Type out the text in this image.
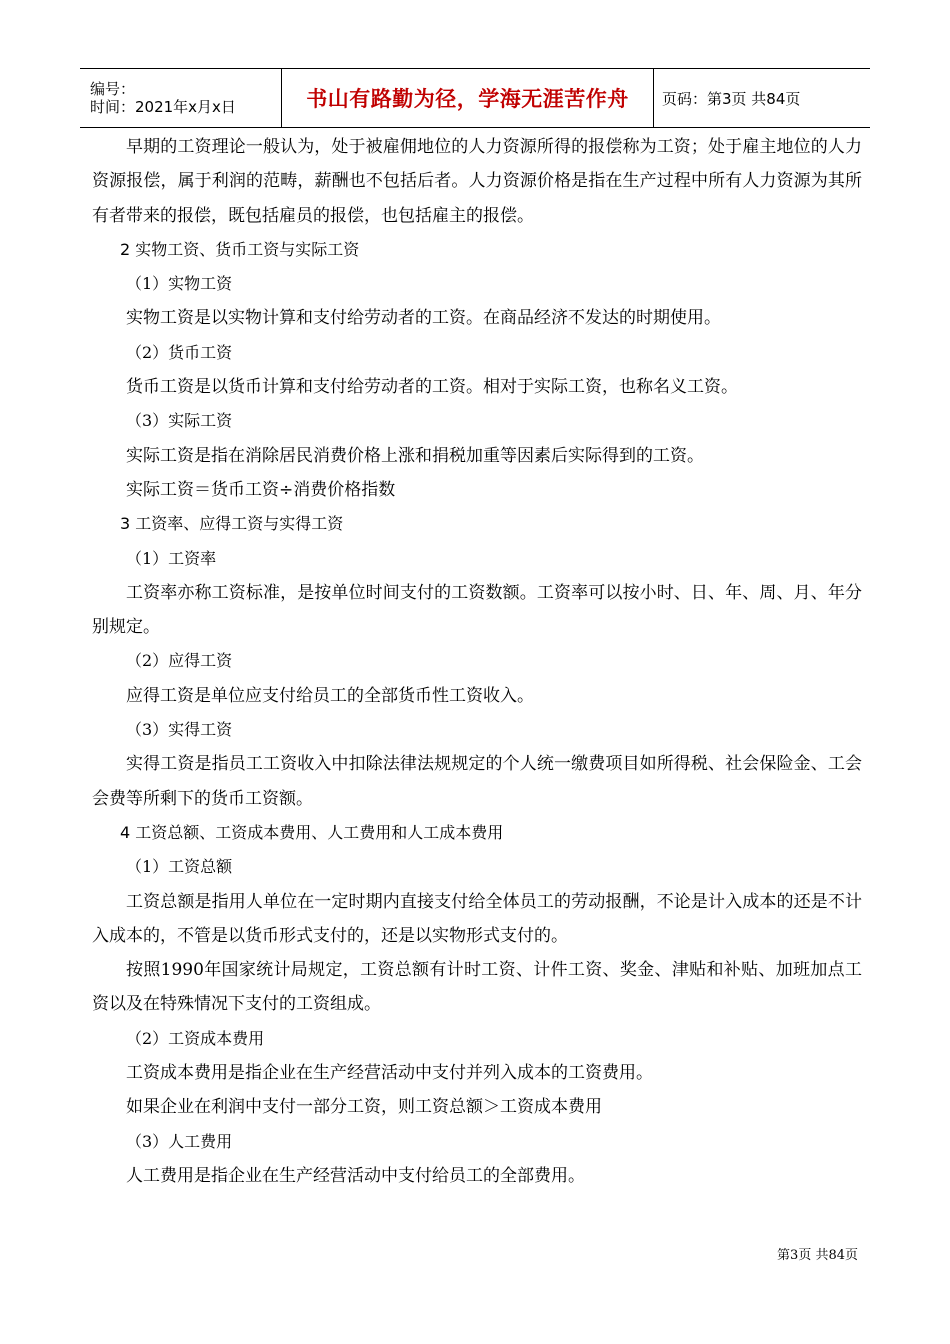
编号：
时间：2021年x月x日	书山有路勤为径，学海无涯苦作舟 页码：第3页 共84页
早期的工资理论一般认为，处于被雇佣地位的人力资源所得的报偿称为工资；处于雇主地位的人力资源报偿，属于利润的范畴，薪酬也不包括后者。人力资源价格是指在生产过程中所有人力资源为其所有者带来的报偿，既包括雇员的报偿，也包括雇主的报偿。
2 实物工资、货币工资与实际工资
（1）实物工资
实物工资是以实物计算和支付给劳动者的工资。在商品经济不发达的时期使用。
（2）货币工资
货币工资是以货币计算和支付给劳动者的工资。相对于实际工资，也称名义工资。
（3）实际工资
实际工资是指在消除居民消费价格上涨和捐税加重等因素后实际得到的工资。
实际工资＝货币工资÷消费价格指数
3 工资率、应得工资与实得工资
（1）工资率
工资率亦称工资标准，是按单位时间支付的工资数额。工资率可以按小时、日、年、周、月、年分别规定。
（2）应得工资
应得工资是单位应支付给员工的全部货币性工资收入。
（3）实得工资
实得工资是指员工工资收入中扣除法律法规规定的个人统一缴费项目如所得税、社会保险金、工会会费等所剩下的货币工资额。
4 工资总额、工资成本费用、人工费用和人工成本费用
（1）工资总额
工资总额是指用人单位在一定时期内直接支付给全体员工的劳动报酬，不论是计入成本的还是不计入成本的，不管是以货币形式支付的，还是以实物形式支付的。
按照1990年国家统计局规定，工资总额有计时工资、计件工资、奖金、津贴和补贴、加班加点工资以及在特殊情况下支付的工资组成。
（2）工资成本费用
工资成本费用是指企业在生产经营活动中支付并列入成本的工资费用。
如果企业在利润中支付一部分工资，则工资总额＞工资成本费用
（3）人工费用
人工费用是指企业在生产经营活动中支付给员工的全部费用。
第3页 共84页
